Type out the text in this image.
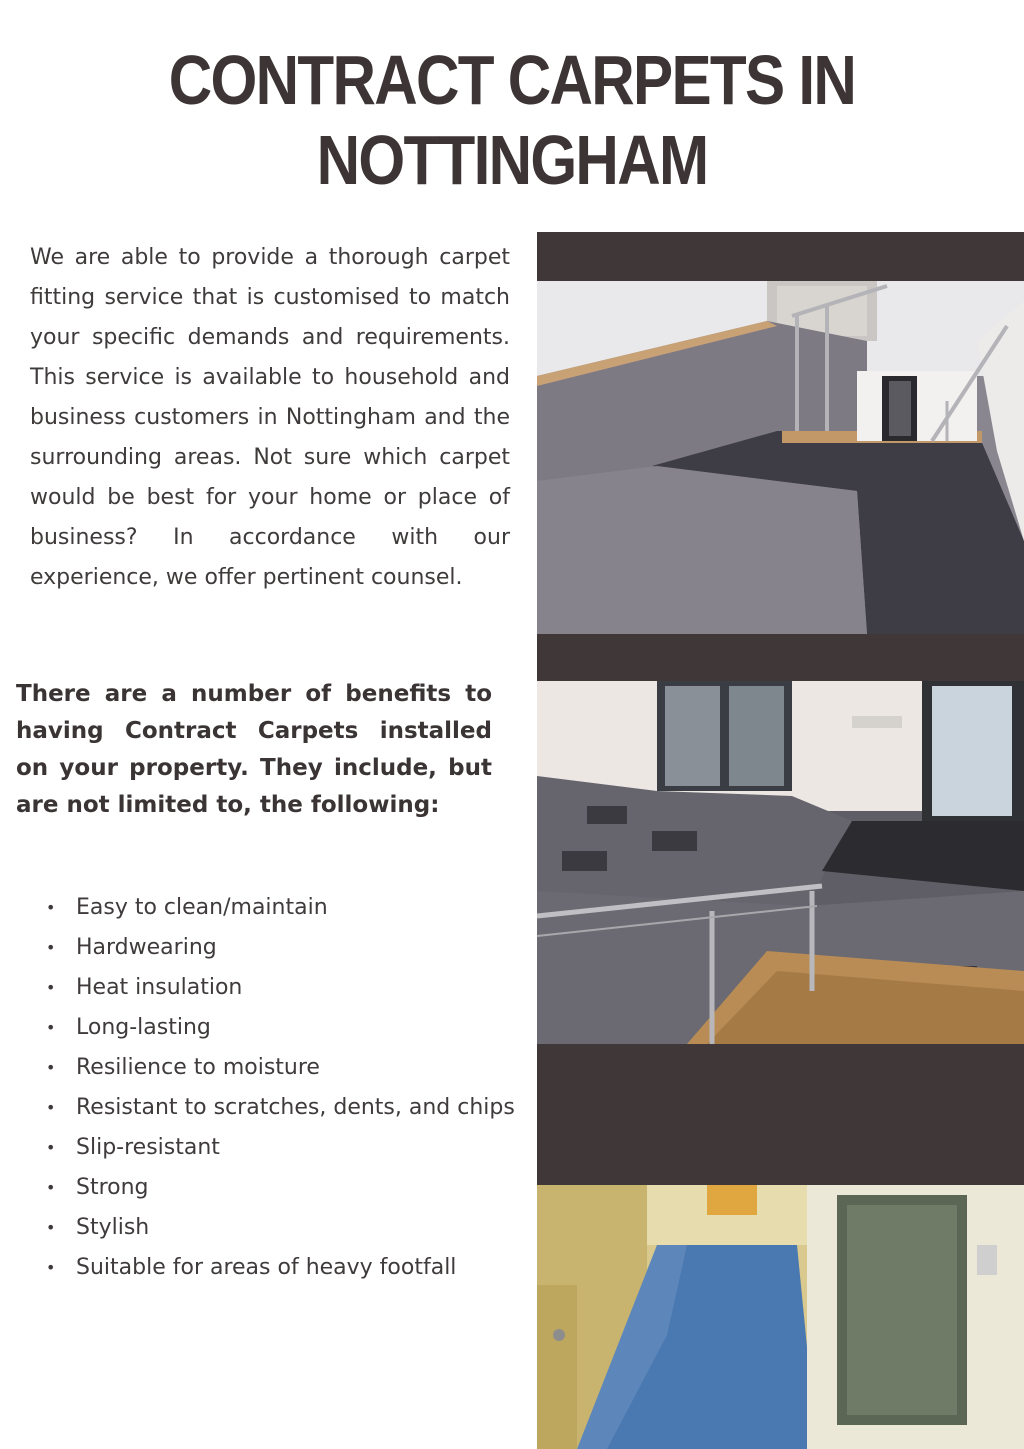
CONTRACT CARPETS IN
NOTTINGHAM

We are able to provide a thorough carpet fitting service that is customised to match your specific demands and requirements. This service is available to household and business customers in Nottingham and the surrounding areas. Not sure which carpet would be best for your home or place of business? In accordance with our experience, we offer pertinent counsel.

There are a number of benefits to having Contract Carpets installed on your property. They include, but are not limited to, the following:

• Easy to clean/maintain
• Hardwearing
• Heat insulation
• Long-lasting
• Resilience to moisture
• Resistant to scratches, dents, and chips
• Slip-resistant
• Strong
• Stylish
• Suitable for areas of heavy footfall
